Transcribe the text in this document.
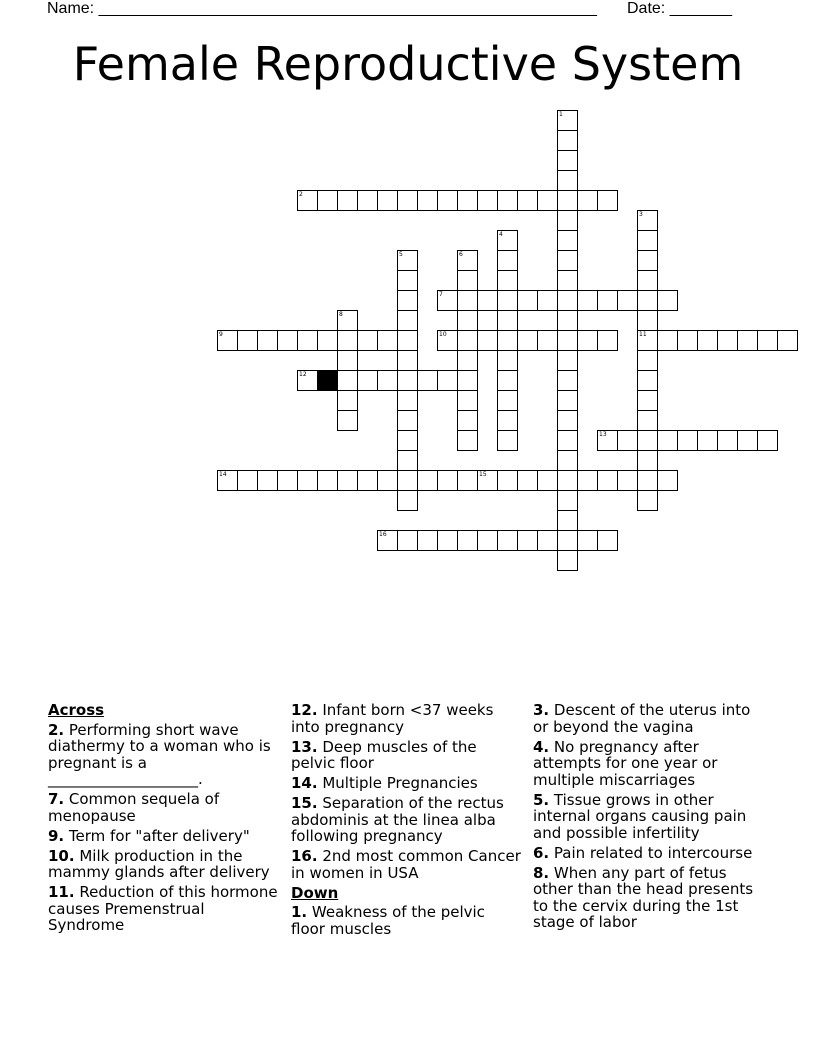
Name: ________________________________________________________ Date: _______
Female Reproductive System
1
2
3
11
4
5	6
7
8
9	10
12
13
14	15
16
Across
2. Performing short wave diathermy to a woman who is pregnant is a ____________________.
7. Common sequela of menopause
9. Term for "after delivery"
10. Milk production in the mammy glands after delivery
11. Reduction of this hormone causes Premenstrual Syndrome
12. Infant born <37 weeks into pregnancy
13. Deep muscles of the pelvic floor
14. Multiple Pregnancies
15. Separation of the rectus abdominis at the linea alba following pregnancy
16. 2nd most common Cancer in women in USA
Down
1. Weakness of the pelvic floor muscles
3. Descent of the uterus into or beyond the vagina
4. No pregnancy after attempts for one year or multiple miscarriages
5. Tissue grows in other internal organs causing pain and possible infertility
6. Pain related to intercourse
8. When any part of fetus other than the head presents to the cervix during the 1st stage of labor
